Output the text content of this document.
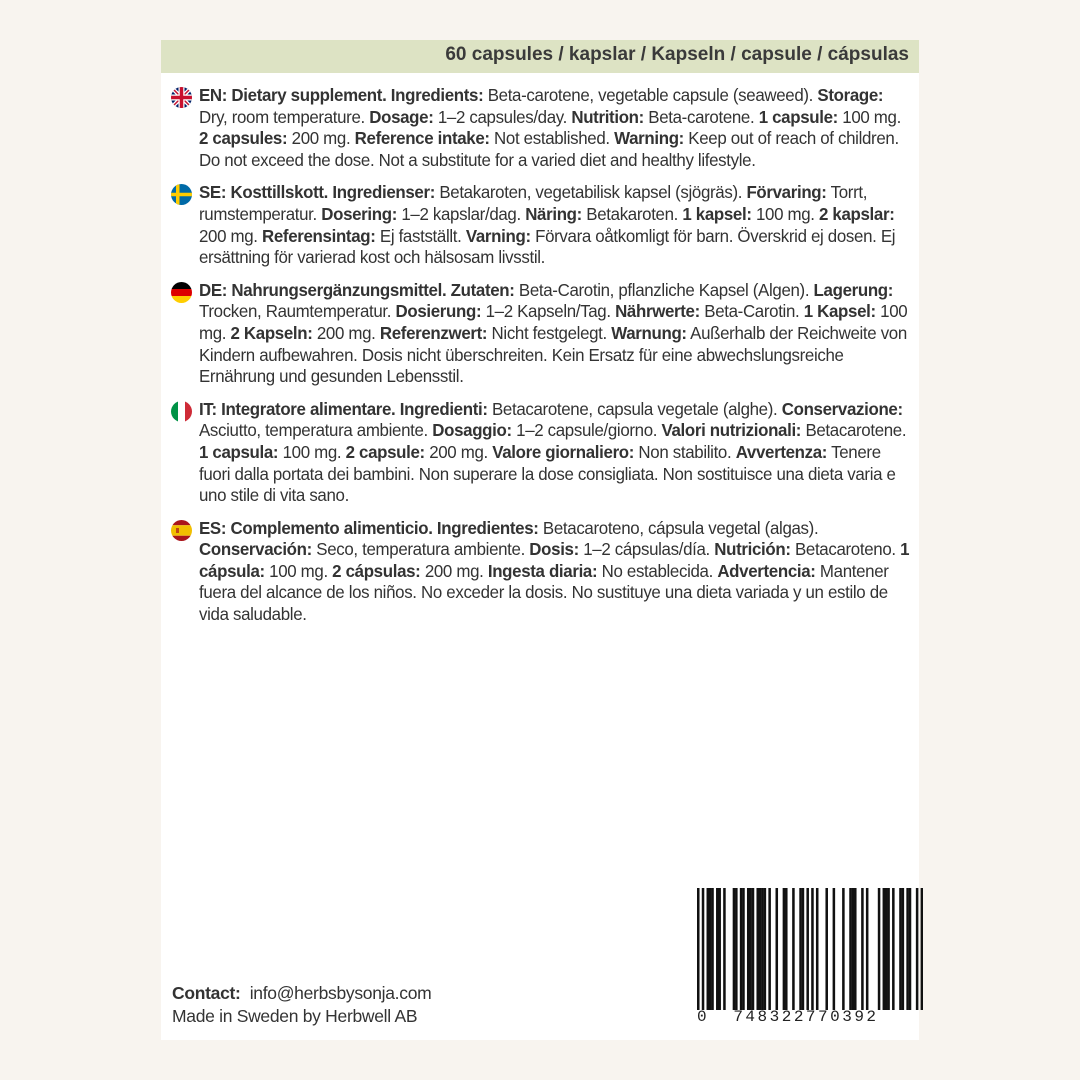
60 capsules / kapslar / Kapseln / capsule / cápsulas
EN: Dietary supplement. Ingredients: Beta-carotene, vegetable capsule (seaweed). Storage: Dry, room temperature. Dosage: 1–2 capsules/day. Nutrition: Beta-carotene. 1 capsule: 100 mg. 2 capsules: 200 mg. Reference intake: Not established. Warning: Keep out of reach of children. Do not exceed the dose. Not a substitute for a varied diet and healthy lifestyle.
SE: Kosttillskott. Ingredienser: Betakaroten, vegetabilisk kapsel (sjögräs). Förvaring: Torrt, rumstemperatur. Dosering: 1–2 kapslar/dag. Näring: Betakaroten. 1 kapsel: 100 mg. 2 kapslar: 200 mg. Referensintag: Ej fastställt. Varning: Förvara oåtkomligt för barn. Överskrid ej dosen. Ej ersättning för varierad kost och hälsosam livsstil.
DE: Nahrungsergänzungsmittel. Zutaten: Beta-Carotin, pflanzliche Kapsel (Algen). Lagerung: Trocken, Raumtemperatur. Dosierung: 1–2 Kapseln/Tag. Nährwerte: Beta-Carotin. 1 Kapsel: 100 mg. 2 Kapseln: 200 mg. Referenzwert: Nicht festgelegt. Warnung: Außerhalb der Reichweite von Kindern aufbewahren. Dosis nicht überschreiten. Kein Ersatz für eine abwechslungsreiche Ernährung und gesunden Lebensstil.
IT: Integratore alimentare. Ingredienti: Betacarotene, capsula vegetale (alghe). Conservazione: Asciutto, temperatura ambiente. Dosaggio: 1–2 capsule/giorno. Valori nutrizionali: Betacarotene. 1 capsula: 100 mg. 2 capsule: 200 mg. Valore giornaliero: Non stabilito. Avvertenza: Tenere fuori dalla portata dei bambini. Non superare la dose consigliata. Non sostituisce una dieta varia e uno stile di vita sano.
ES: Complemento alimenticio. Ingredientes: Betacaroteno, cápsula vegetal (algas). Conservación: Seco, temperatura ambiente. Dosis: 1–2 cápsulas/día. Nutrición: Betacaroteno. 1 cápsula: 100 mg. 2 cápsulas: 200 mg. Ingesta diaria: No establecida. Advertencia: Mantener fuera del alcance de los niños. No exceder la dosis. No sustituye una dieta variada y un estilo de vida saludable.
Contact: info@herbsbysonja.com
Made in Sweden by Herbwell AB	0 748322770392
